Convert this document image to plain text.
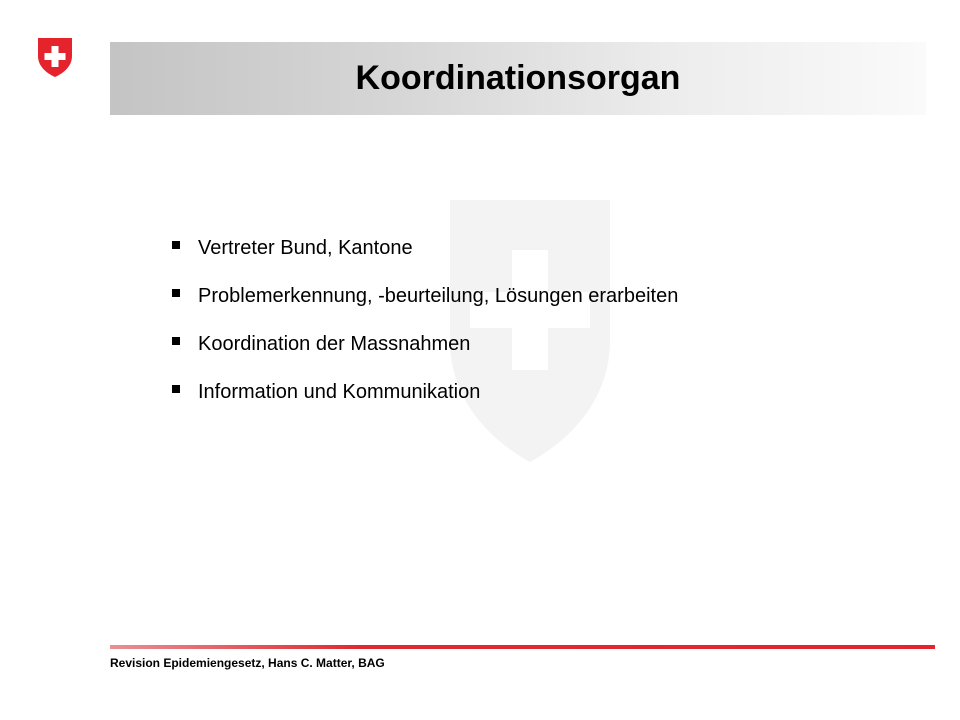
Koordinationsorgan
Vertreter Bund, Kantone
Problemerkennung, -beurteilung, Lösungen erarbeiten
Koordination der Massnahmen
Information und Kommunikation
Revision Epidemiengesetz, Hans C. Matter, BAG
